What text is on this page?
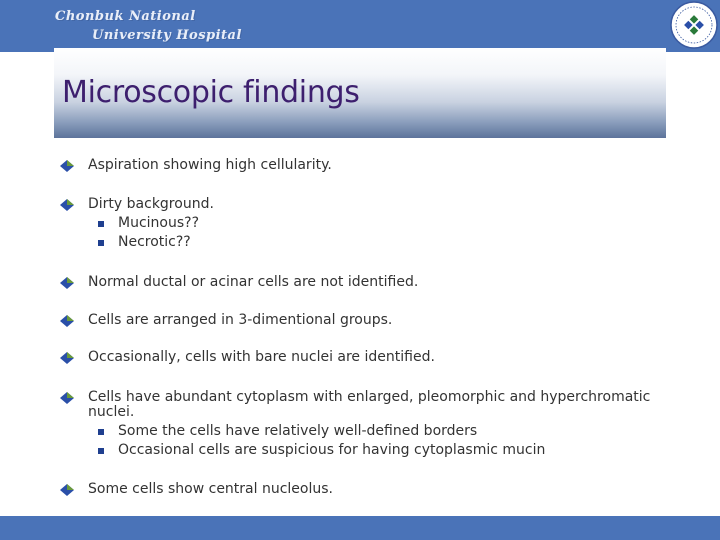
Chonbuk National
University Hospital
Microscopic findings
Aspiration showing high cellularity.
Dirty background.
Mucinous??
Necrotic??
Normal ductal or acinar cells are not identified.
Cells are arranged in 3-dimentional groups.
Occasionally, cells with bare nuclei are identified.
Cells have abundant cytoplasm with enlarged, pleomorphic and hyperchromatic nuclei.
Some the cells have relatively well-defined borders
Occasional cells are suspicious for having cytoplasmic mucin
Some cells show central nucleolus.
